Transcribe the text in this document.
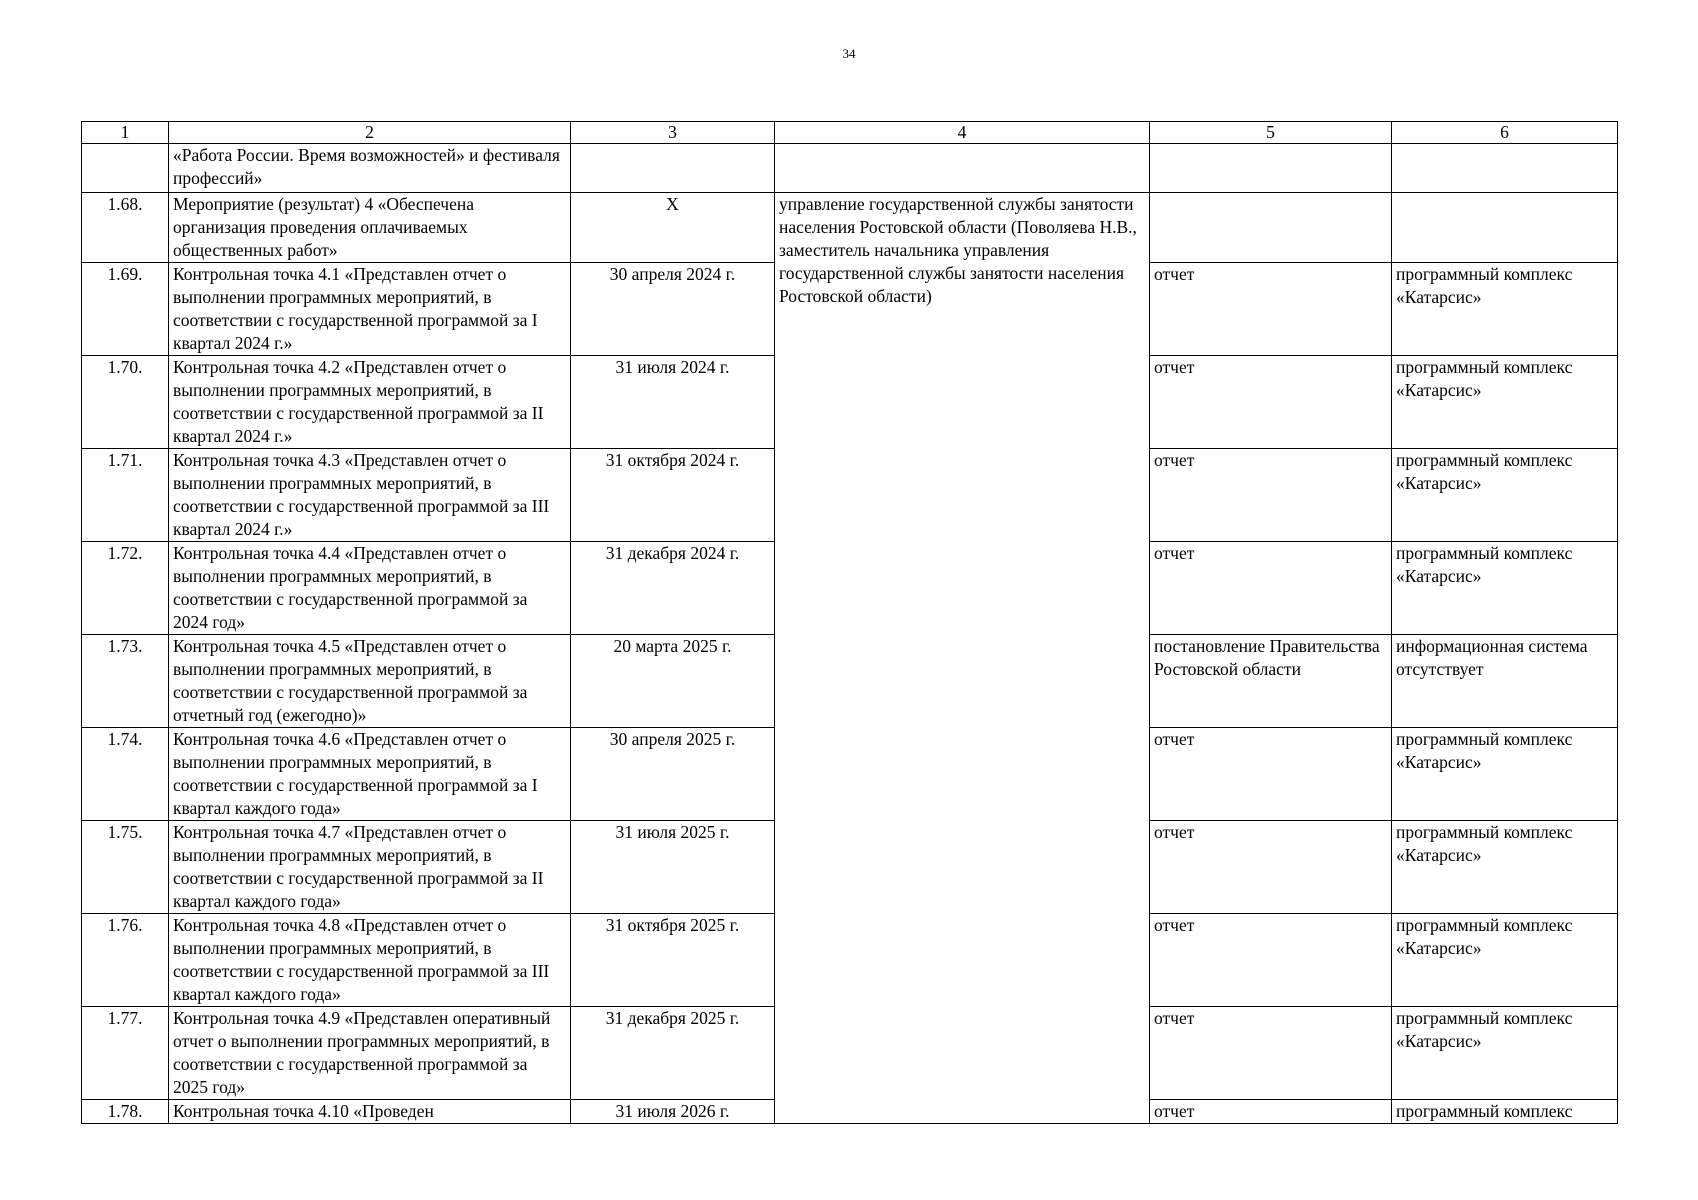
34
1	2	3	4	5	6
	«Работа России. Время возможностей» и фестиваля профессий»				
1.68.	Мероприятие (результат) 4 «Обеспечена организация проведения оплачиваемых общественных работ»	X	управление государственной службы занятости населения Ростовской области (Поволяева Н.В., заместитель начальника управления государственной службы занятости населения Ростовской области)		
1.69.	Контрольная точка 4.1 «Представлен отчет о выполнении программных мероприятий, в соответствии с государственной программой за I квартал 2024 г.»	30 апреля 2024 г.		отчет	программный комплекс «Катарсис»
1.70.	Контрольная точка 4.2 «Представлен отчет о выполнении программных мероприятий, в соответствии с государственной программой за II квартал 2024 г.»	31 июля 2024 г.		отчет	программный комплекс «Катарсис»
1.71.	Контрольная точка 4.3 «Представлен отчет о выполнении программных мероприятий, в соответствии с государственной программой за III квартал 2024 г.»	31 октября 2024 г.		отчет	программный комплекс «Катарсис»
1.72.	Контрольная точка 4.4 «Представлен отчет о выполнении программных мероприятий, в соответствии с государственной программой за 2024 год»	31 декабря 2024 г.		отчет	программный комплекс «Катарсис»
1.73.	Контрольная точка 4.5 «Представлен отчет о выполнении программных мероприятий, в соответствии с государственной программой за отчетный год (ежегодно)»	20 марта 2025 г.		постановление Правительства Ростовской области	информационная система отсутствует
1.74.	Контрольная точка 4.6 «Представлен отчет о выполнении программных мероприятий, в соответствии с государственной программой за I квартал каждого года»	30 апреля 2025 г.		отчет	программный комплекс «Катарсис»
1.75.	Контрольная точка 4.7 «Представлен отчет о выполнении программных мероприятий, в соответствии с государственной программой за II квартал каждого года»	31 июля 2025 г.		отчет	программный комплекс «Катарсис»
1.76.	Контрольная точка 4.8 «Представлен отчет о выполнении программных мероприятий, в соответствии с государственной программой за III квартал каждого года»	31 октября 2025 г.		отчет	программный комплекс «Катарсис»
1.77.	Контрольная точка 4.9 «Представлен оперативный отчет о выполнении программных мероприятий, в соответствии с государственной программой за 2025 год»	31 декабря 2025 г.		отчет	программный комплекс «Катарсис»
1.78.	Контрольная точка 4.10 «Проведен	31 июля 2026 г.		отчет	программный комплекс
